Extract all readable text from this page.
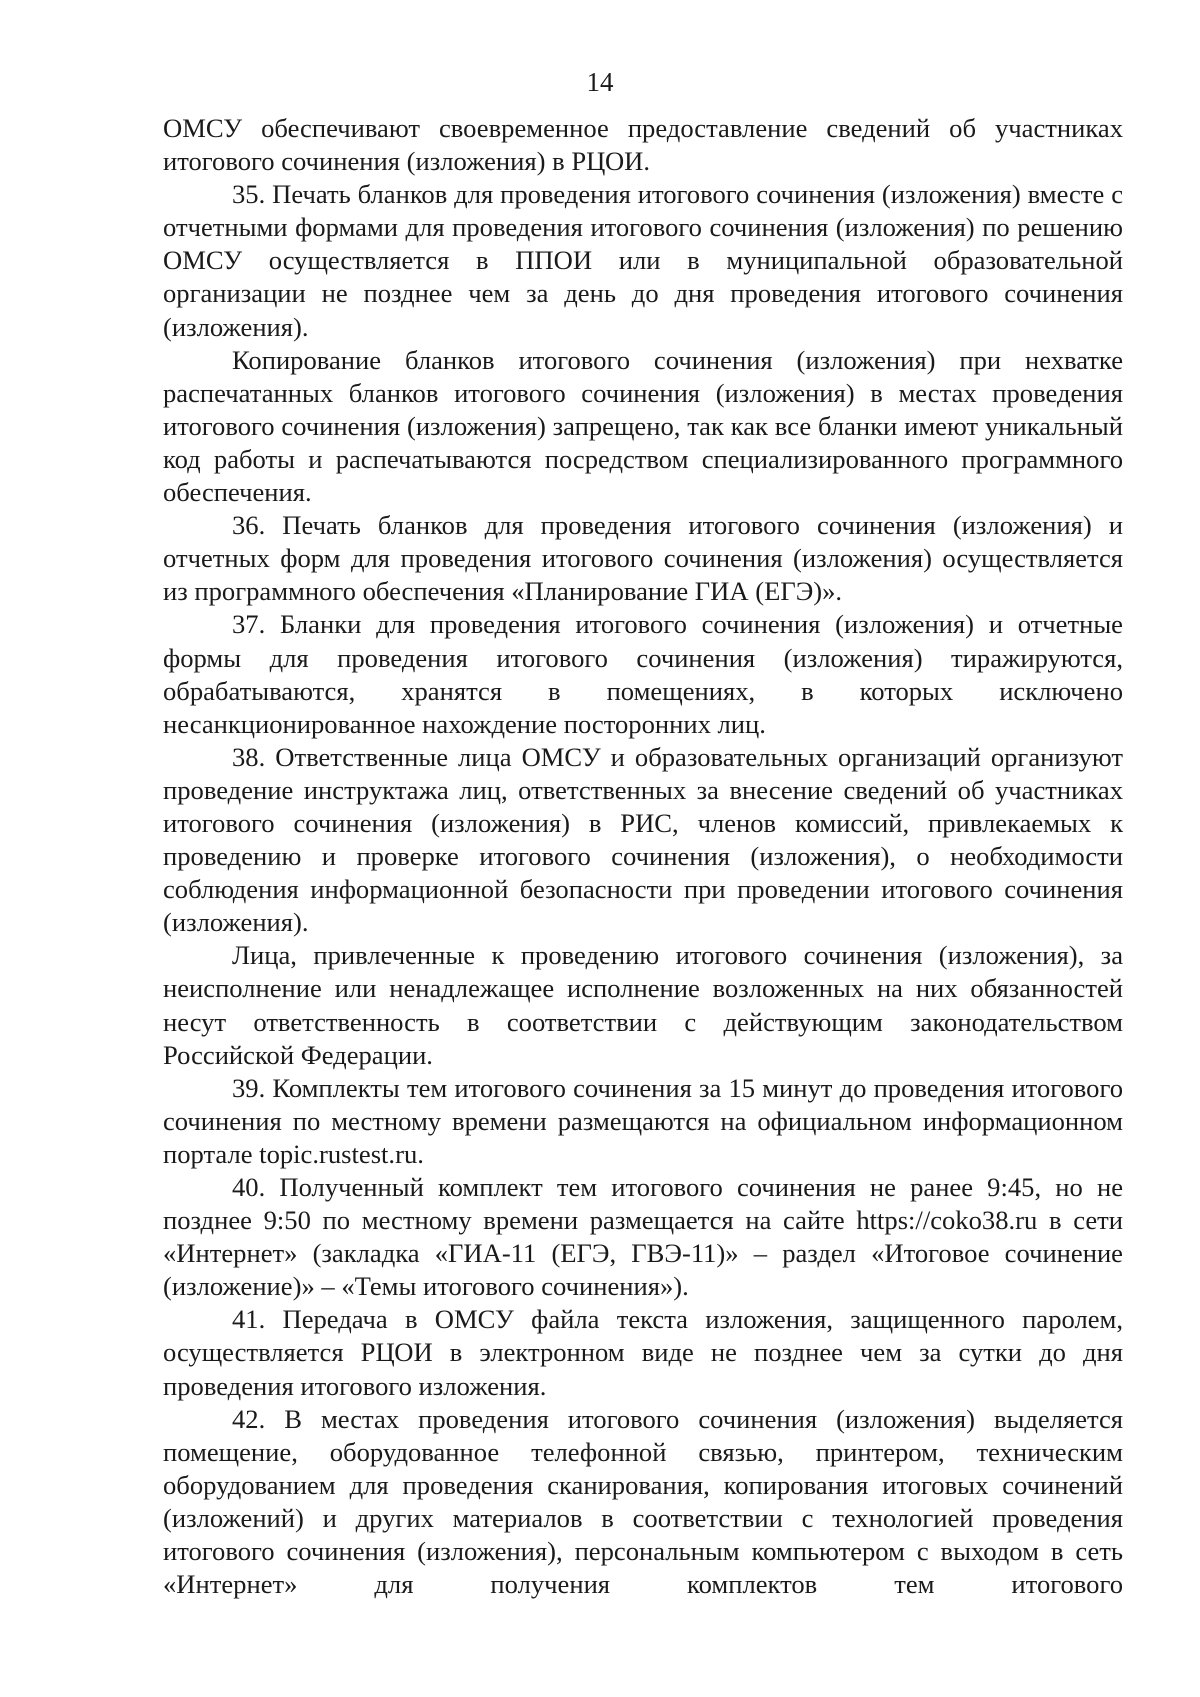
14

ОМСУ обеспечивают своевременное предоставление сведений об участниках итогового сочинения (изложения) в РЦОИ.

35. Печать бланков для проведения итогового сочинения (изложения) вместе с отчетными формами для проведения итогового сочинения (изложения) по решению ОМСУ осуществляется в ППОИ или в муниципальной образовательной организации не позднее чем за день до дня проведения итогового сочинения (изложения).

Копирование бланков итогового сочинения (изложения) при нехватке распечатанных бланков итогового сочинения (изложения) в местах проведения итогового сочинения (изложения) запрещено, так как все бланки имеют уникальный код работы и распечатываются посредством специализированного программного обеспечения.

36. Печать бланков для проведения итогового сочинения (изложения) и отчетных форм для проведения итогового сочинения (изложения) осуществляется из программного обеспечения «Планирование ГИА (ЕГЭ)».

37. Бланки для проведения итогового сочинения (изложения) и отчетные формы для проведения итогового сочинения (изложения) тиражируются, обрабатываются, хранятся в помещениях, в которых исключено несанкционированное нахождение посторонних лиц.

38. Ответственные лица ОМСУ и образовательных организаций организуют проведение инструктажа лиц, ответственных за внесение сведений об участниках итогового сочинения (изложения) в РИС, членов комиссий, привлекаемых к проведению и проверке итогового сочинения (изложения), о необходимости соблюдения информационной безопасности при проведении итогового сочинения (изложения).

Лица, привлеченные к проведению итогового сочинения (изложения), за неисполнение или ненадлежащее исполнение возложенных на них обязанностей несут ответственность в соответствии с действующим законодательством Российской Федерации.

39. Комплекты тем итогового сочинения за 15 минут до проведения итогового сочинения по местному времени размещаются на официальном информационном портале topic.rustest.ru.

40. Полученный комплект тем итогового сочинения не ранее 9:45, но не позднее 9:50 по местному времени размещается на сайте https://coko38.ru в сети «Интернет» (закладка «ГИА-11 (ЕГЭ, ГВЭ-11)» – раздел «Итоговое сочинение (изложение)» – «Темы итогового сочинения»).

41. Передача в ОМСУ файла текста изложения, защищенного паролем, осуществляется РЦОИ в электронном виде не позднее чем за сутки до дня проведения итогового изложения.

42. В местах проведения итогового сочинения (изложения) выделяется помещение, оборудованное телефонной связью, принтером, техническим оборудованием для проведения сканирования, копирования итоговых сочинений (изложений) и других материалов в соответствии с технологией проведения итогового сочинения (изложения), персональным компьютером с выходом в сеть «Интернет» для получения комплектов тем итогового
